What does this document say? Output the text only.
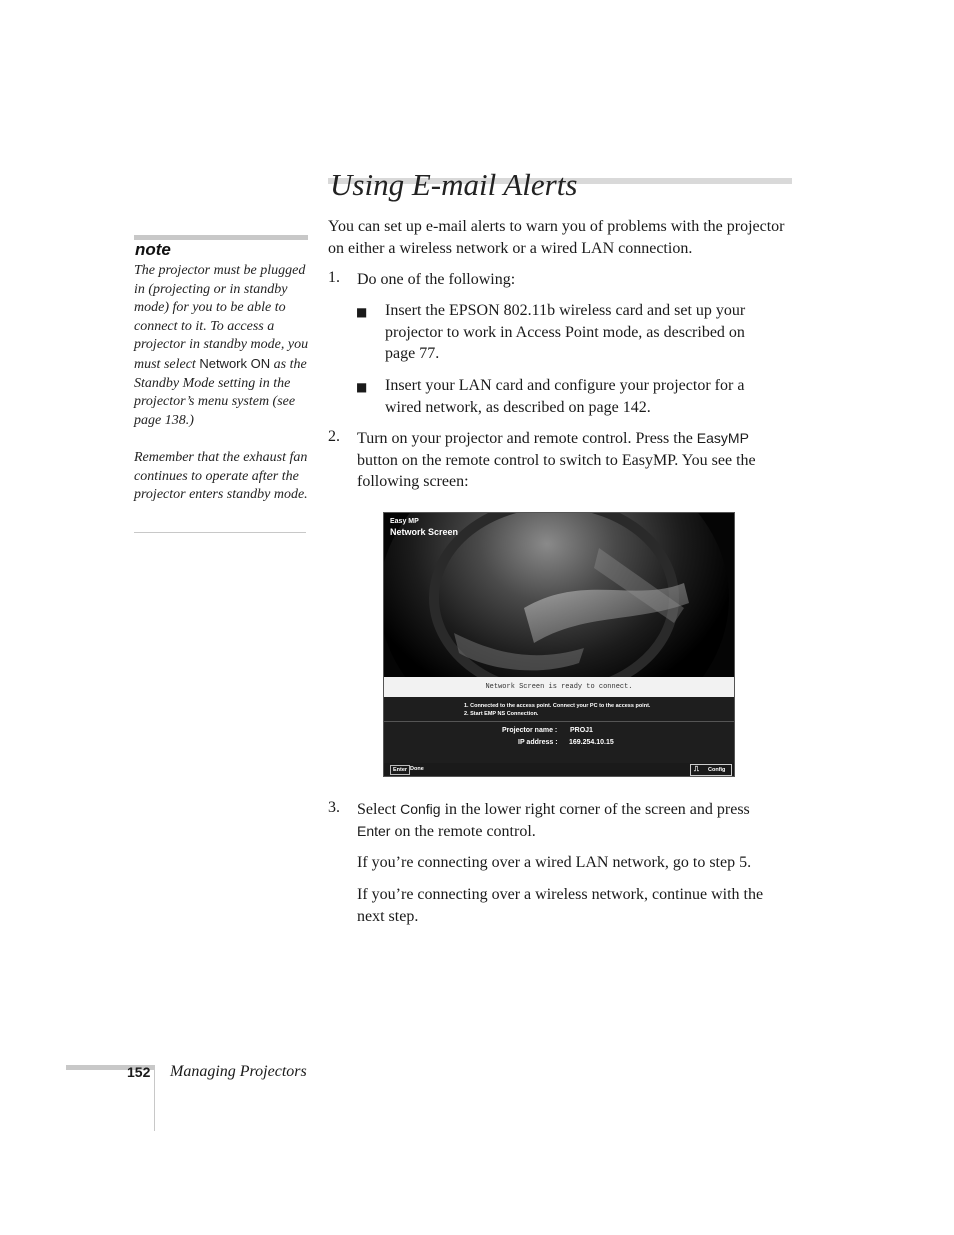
Using E-mail Alerts

note

The projector must be plugged in (projecting or in standby mode) for you to be able to connect to it. To access a projector in standby mode, you must select Network ON as the Standby Mode setting in the projector’s menu system (see page 138.)

Remember that the exhaust fan continues to operate after the projector enters standby mode.

You can set up e-mail alerts to warn you of problems with the projector on either a wireless network or a wired LAN connection.

1. Do one of the following:

■ Insert the EPSON 802.11b wireless card and set up your projector to work in Access Point mode, as described on page 77.

■ Insert your LAN card and configure your projector for a wired network, as described on page 142.

2. Turn on your projector and remote control. Press the EasyMP button on the remote control to switch to EasyMP. You see the following screen:

Easy MP
Network Screen
Network Screen is ready to connect.
1. Connected to the access point. Connect your PC to the access point.
2. Start EMP NS Connection.
Projector name : PROJ1
IP address : 169.254.10.15
Enter Done	⎍ Config
3. Select Config in the lower right corner of the screen and press Enter on the remote control.

If you’re connecting over a wired LAN network, go to step 5.

If you’re connecting over a wireless network, continue with the next step.

152 Managing Projectors
